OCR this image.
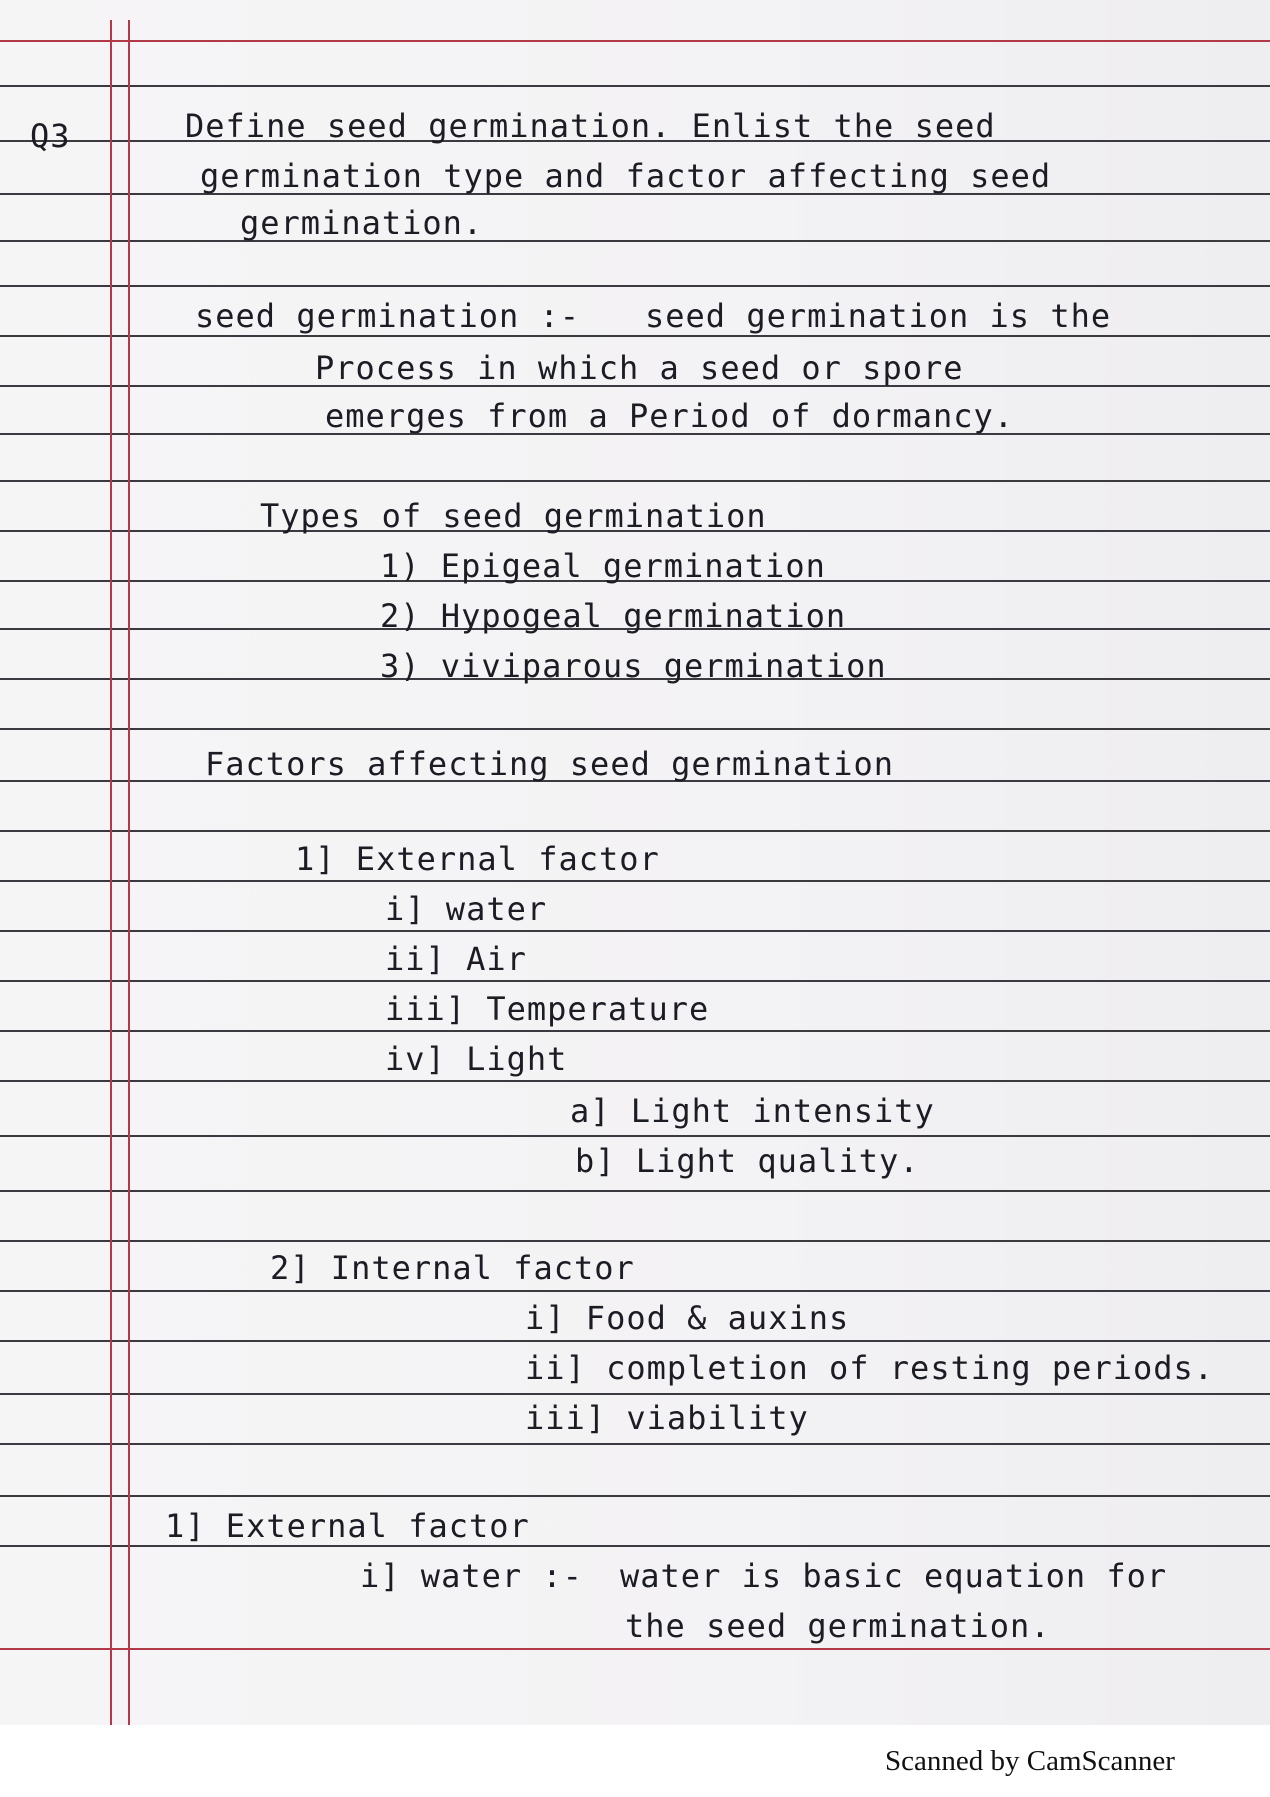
Q3	Define seed germination. Enlist the seed
germination type and factor affecting seed
germination.
seed germination :- seed germination is the
Process in which a seed or spore
emerges from a Period of dormancy.
Types of seed germination
1) Epigeal germination
2) Hypogeal germination
3) viviparous germination
Factors affecting seed germination
1] External factor
i] water
ii] Air
iii] Temperature
iv] Light
a] Light intensity
b] Light quality.
2] Internal factor
i] Food & auxins
ii] completion of resting periods.
iii] viability
1] External factor
i] water :- water is basic equation for
the seed germination.
Scanned by CamScanner
